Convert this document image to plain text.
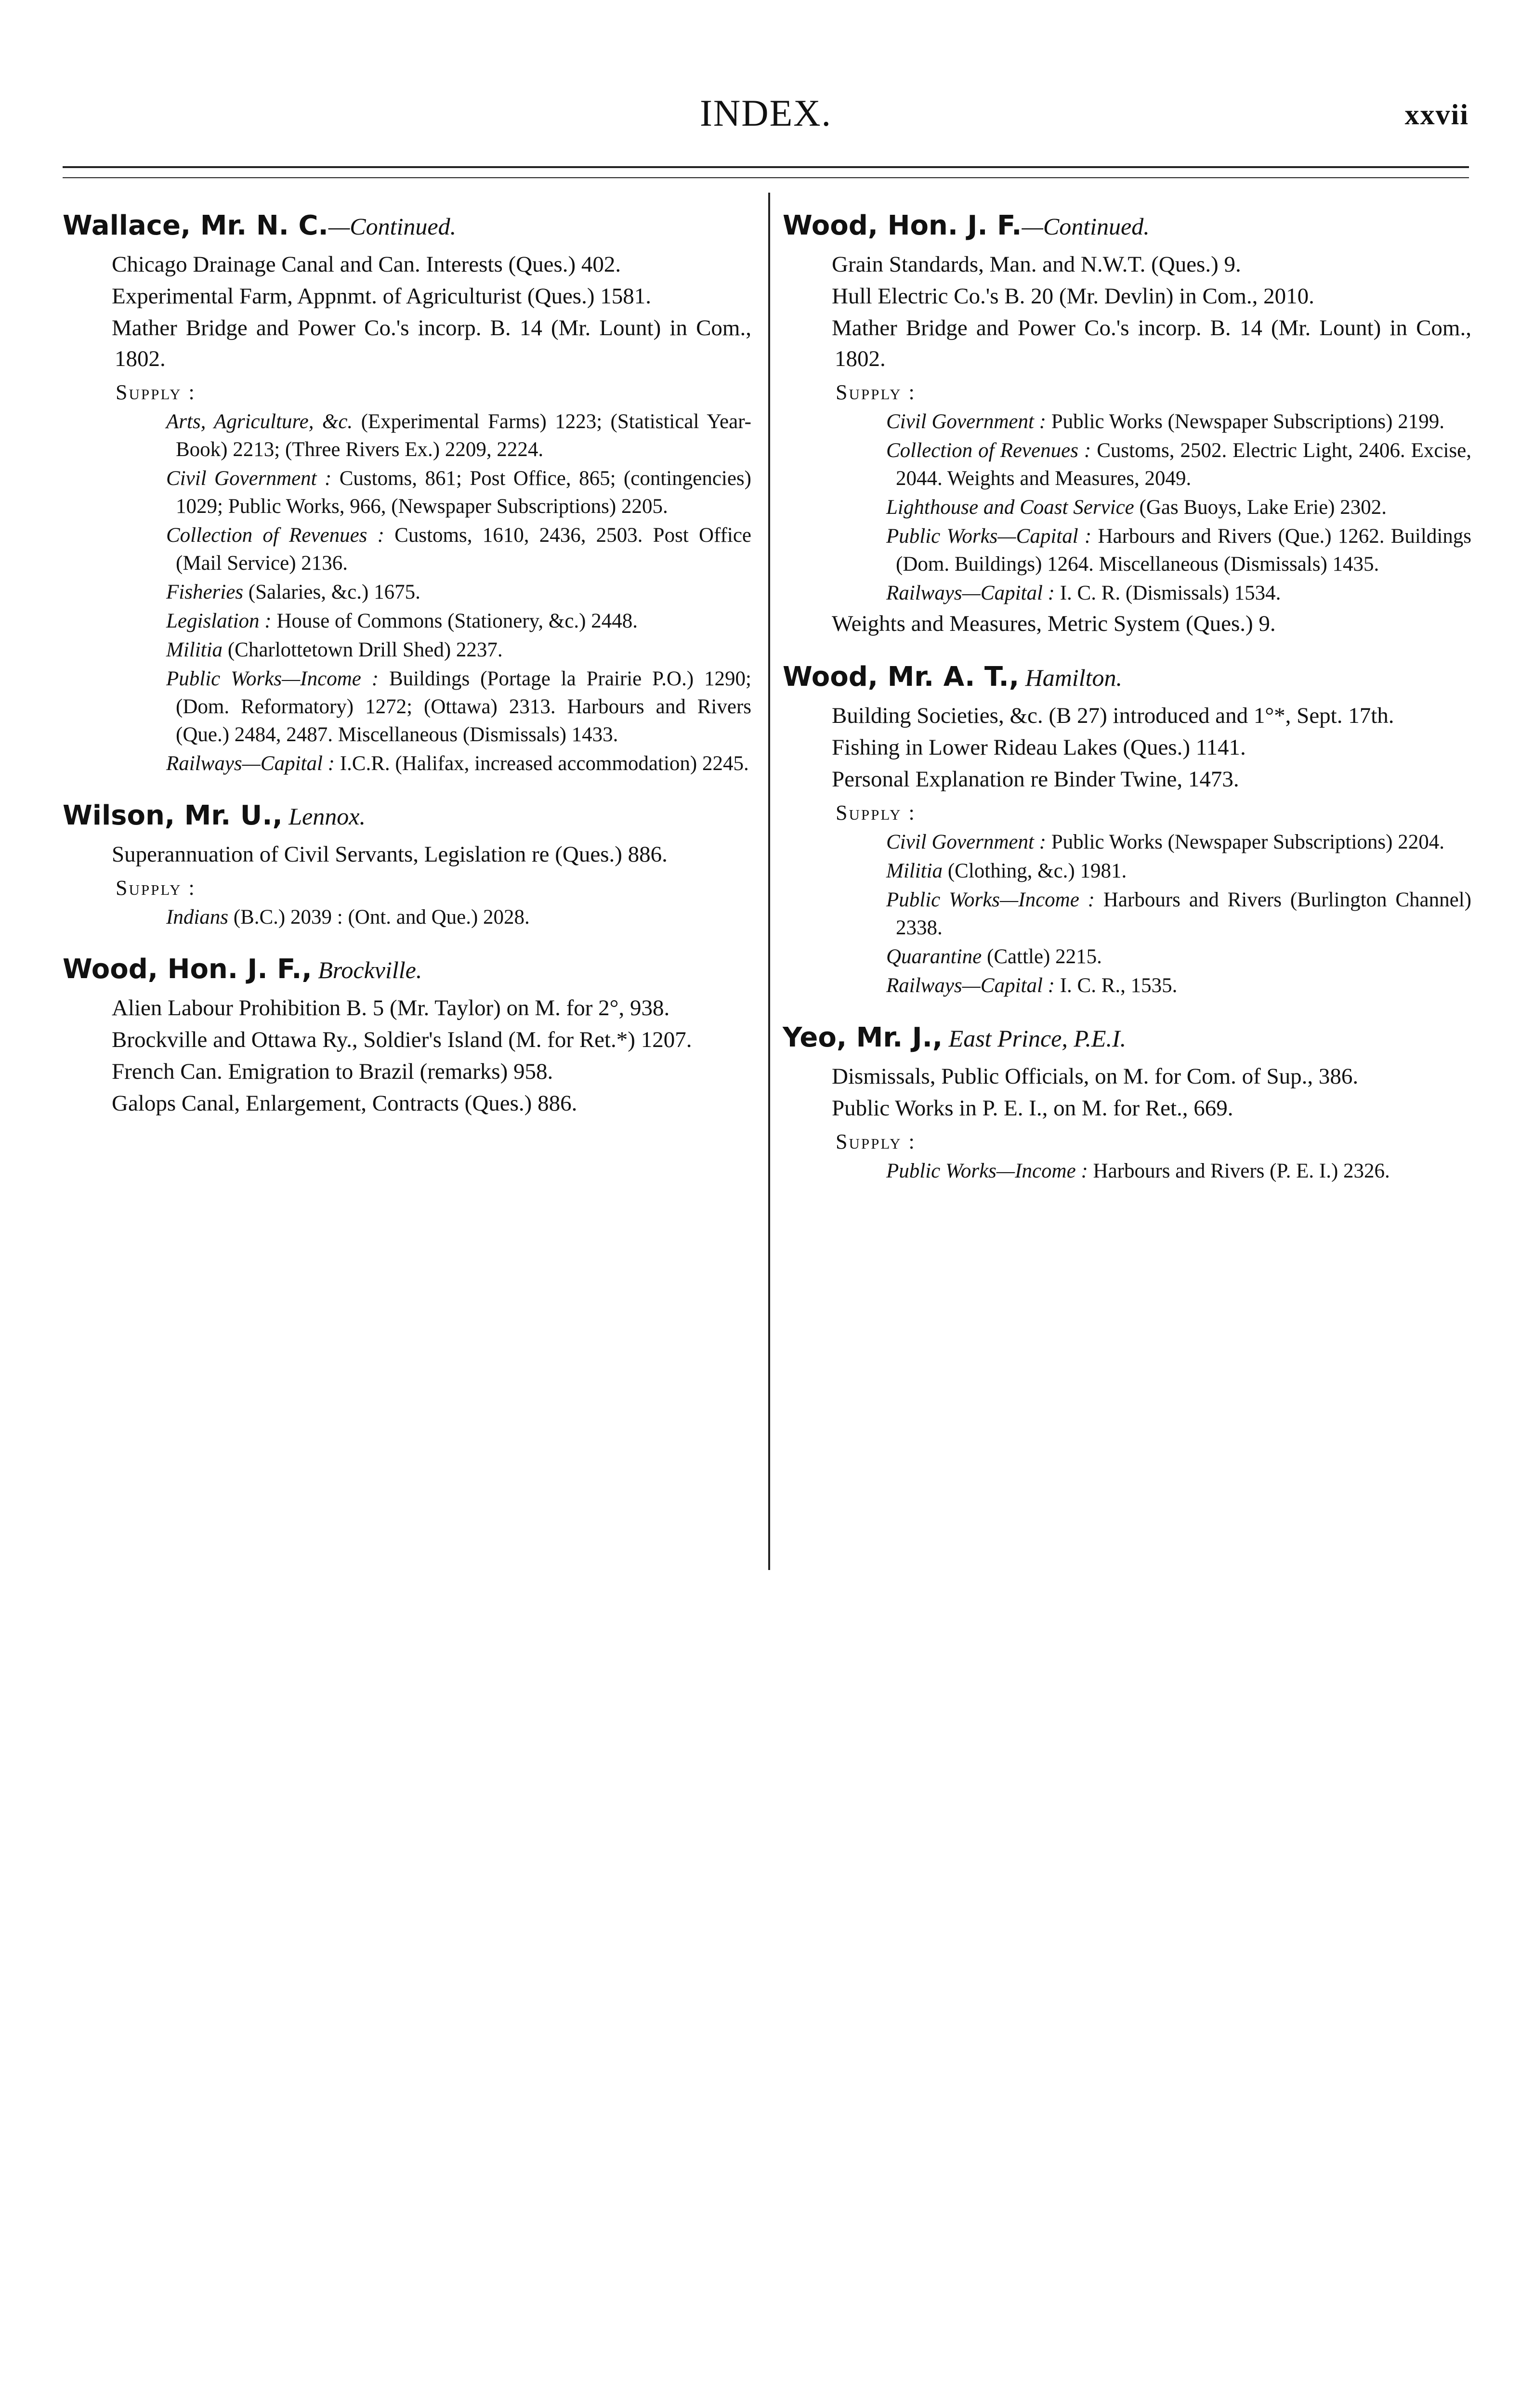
INDEX.	xxvii
Wallace, Mr. N. C.—Continued.
Chicago Drainage Canal and Can. Interests (Ques.) 402.
Experimental Farm, Appnmt. of Agriculturist (Ques.) 1581.
Mather Bridge and Power Co.'s incorp. B. 14 (Mr. Lount) in Com., 1802.
Supply :
Arts, Agriculture, &c. (Experimental Farms) 1223; (Statistical Year-Book) 2213; (Three Rivers Ex.) 2209, 2224.
Civil Government : Customs, 861; Post Office, 865; (contingencies) 1029; Public Works, 966, (Newspaper Subscriptions) 2205.
Collection of Revenues : Customs, 1610, 2436, 2503. Post Office (Mail Service) 2136.
Fisheries (Salaries, &c.) 1675.
Legislation : House of Commons (Stationery, &c.) 2448.
Militia (Charlottetown Drill Shed) 2237.
Public Works—Income : Buildings (Portage la Prairie P.O.) 1290; (Dom. Reformatory) 1272; (Ottawa) 2313. Harbours and Rivers (Que.) 2484, 2487. Miscellaneous (Dismissals) 1433.
Railways—Capital : I.C.R. (Halifax, increased accommodation) 2245.
Wilson, Mr. U., Lennox.
Superannuation of Civil Servants, Legislation re (Ques.) 886.
Supply :
Indians (B.C.) 2039 : (Ont. and Que.) 2028.
Wood, Hon. J. F., Brockville.
Alien Labour Prohibition B. 5 (Mr. Taylor) on M. for 2°, 938.
Brockville and Ottawa Ry., Soldier's Island (M. for Ret.*) 1207.
French Can. Emigration to Brazil (remarks) 958.
Galops Canal, Enlargement, Contracts (Ques.) 886.
Wood, Hon. J. F.—Continued.
Grain Standards, Man. and N.W.T. (Ques.) 9.
Hull Electric Co.'s B. 20 (Mr. Devlin) in Com., 2010.
Mather Bridge and Power Co.'s incorp. B. 14 (Mr. Lount) in Com., 1802.
Supply :
Civil Government : Public Works (Newspaper Subscriptions) 2199.
Collection of Revenues : Customs, 2502. Electric Light, 2406. Excise, 2044. Weights and Measures, 2049.
Lighthouse and Coast Service (Gas Buoys, Lake Erie) 2302.
Public Works—Capital : Harbours and Rivers (Que.) 1262. Buildings (Dom. Buildings) 1264. Miscellaneous (Dismissals) 1435.
Railways—Capital : I. C. R. (Dismissals) 1534.
Weights and Measures, Metric System (Ques.) 9.
Wood, Mr. A. T., Hamilton.
Building Societies, &c. (B 27) introduced and 1°*, Sept. 17th.
Fishing in Lower Rideau Lakes (Ques.) 1141.
Personal Explanation re Binder Twine, 1473.
Supply :
Civil Government : Public Works (Newspaper Subscriptions) 2204.
Militia (Clothing, &c.) 1981.
Public Works—Income : Harbours and Rivers (Burlington Channel) 2338.
Quarantine (Cattle) 2215.
Railways—Capital : I. C. R., 1535.
Yeo, Mr. J., East Prince, P.E.I.
Dismissals, Public Officials, on M. for Com. of Sup., 386.
Public Works in P. E. I., on M. for Ret., 669.
Supply :
Public Works—Income : Harbours and Rivers (P. E. I.) 2326.
